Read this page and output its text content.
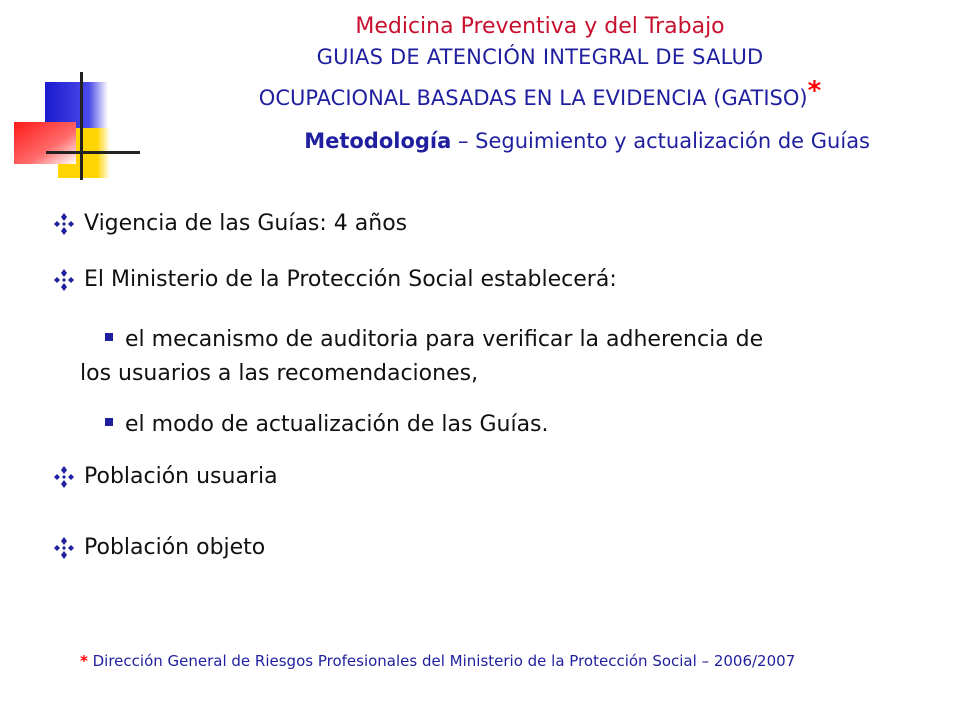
Medicina Preventiva y del Trabajo
GUIAS DE ATENCIÓN INTEGRAL DE SALUD
OCUPACIONAL BASADAS EN LA EVIDENCIA (GATISO)*
Metodología – Seguimiento y actualización de Guías
Vigencia de las Guías: 4 años
El Ministerio de la Protección Social establecerá:
el mecanismo de auditoria para verificar la adherencia de
los usuarios a las recomendaciones,
el modo de actualización de las Guías.
Población usuaria
Población objeto
* Dirección General de Riesgos Profesionales del Ministerio de la Protección Social – 2006/2007
